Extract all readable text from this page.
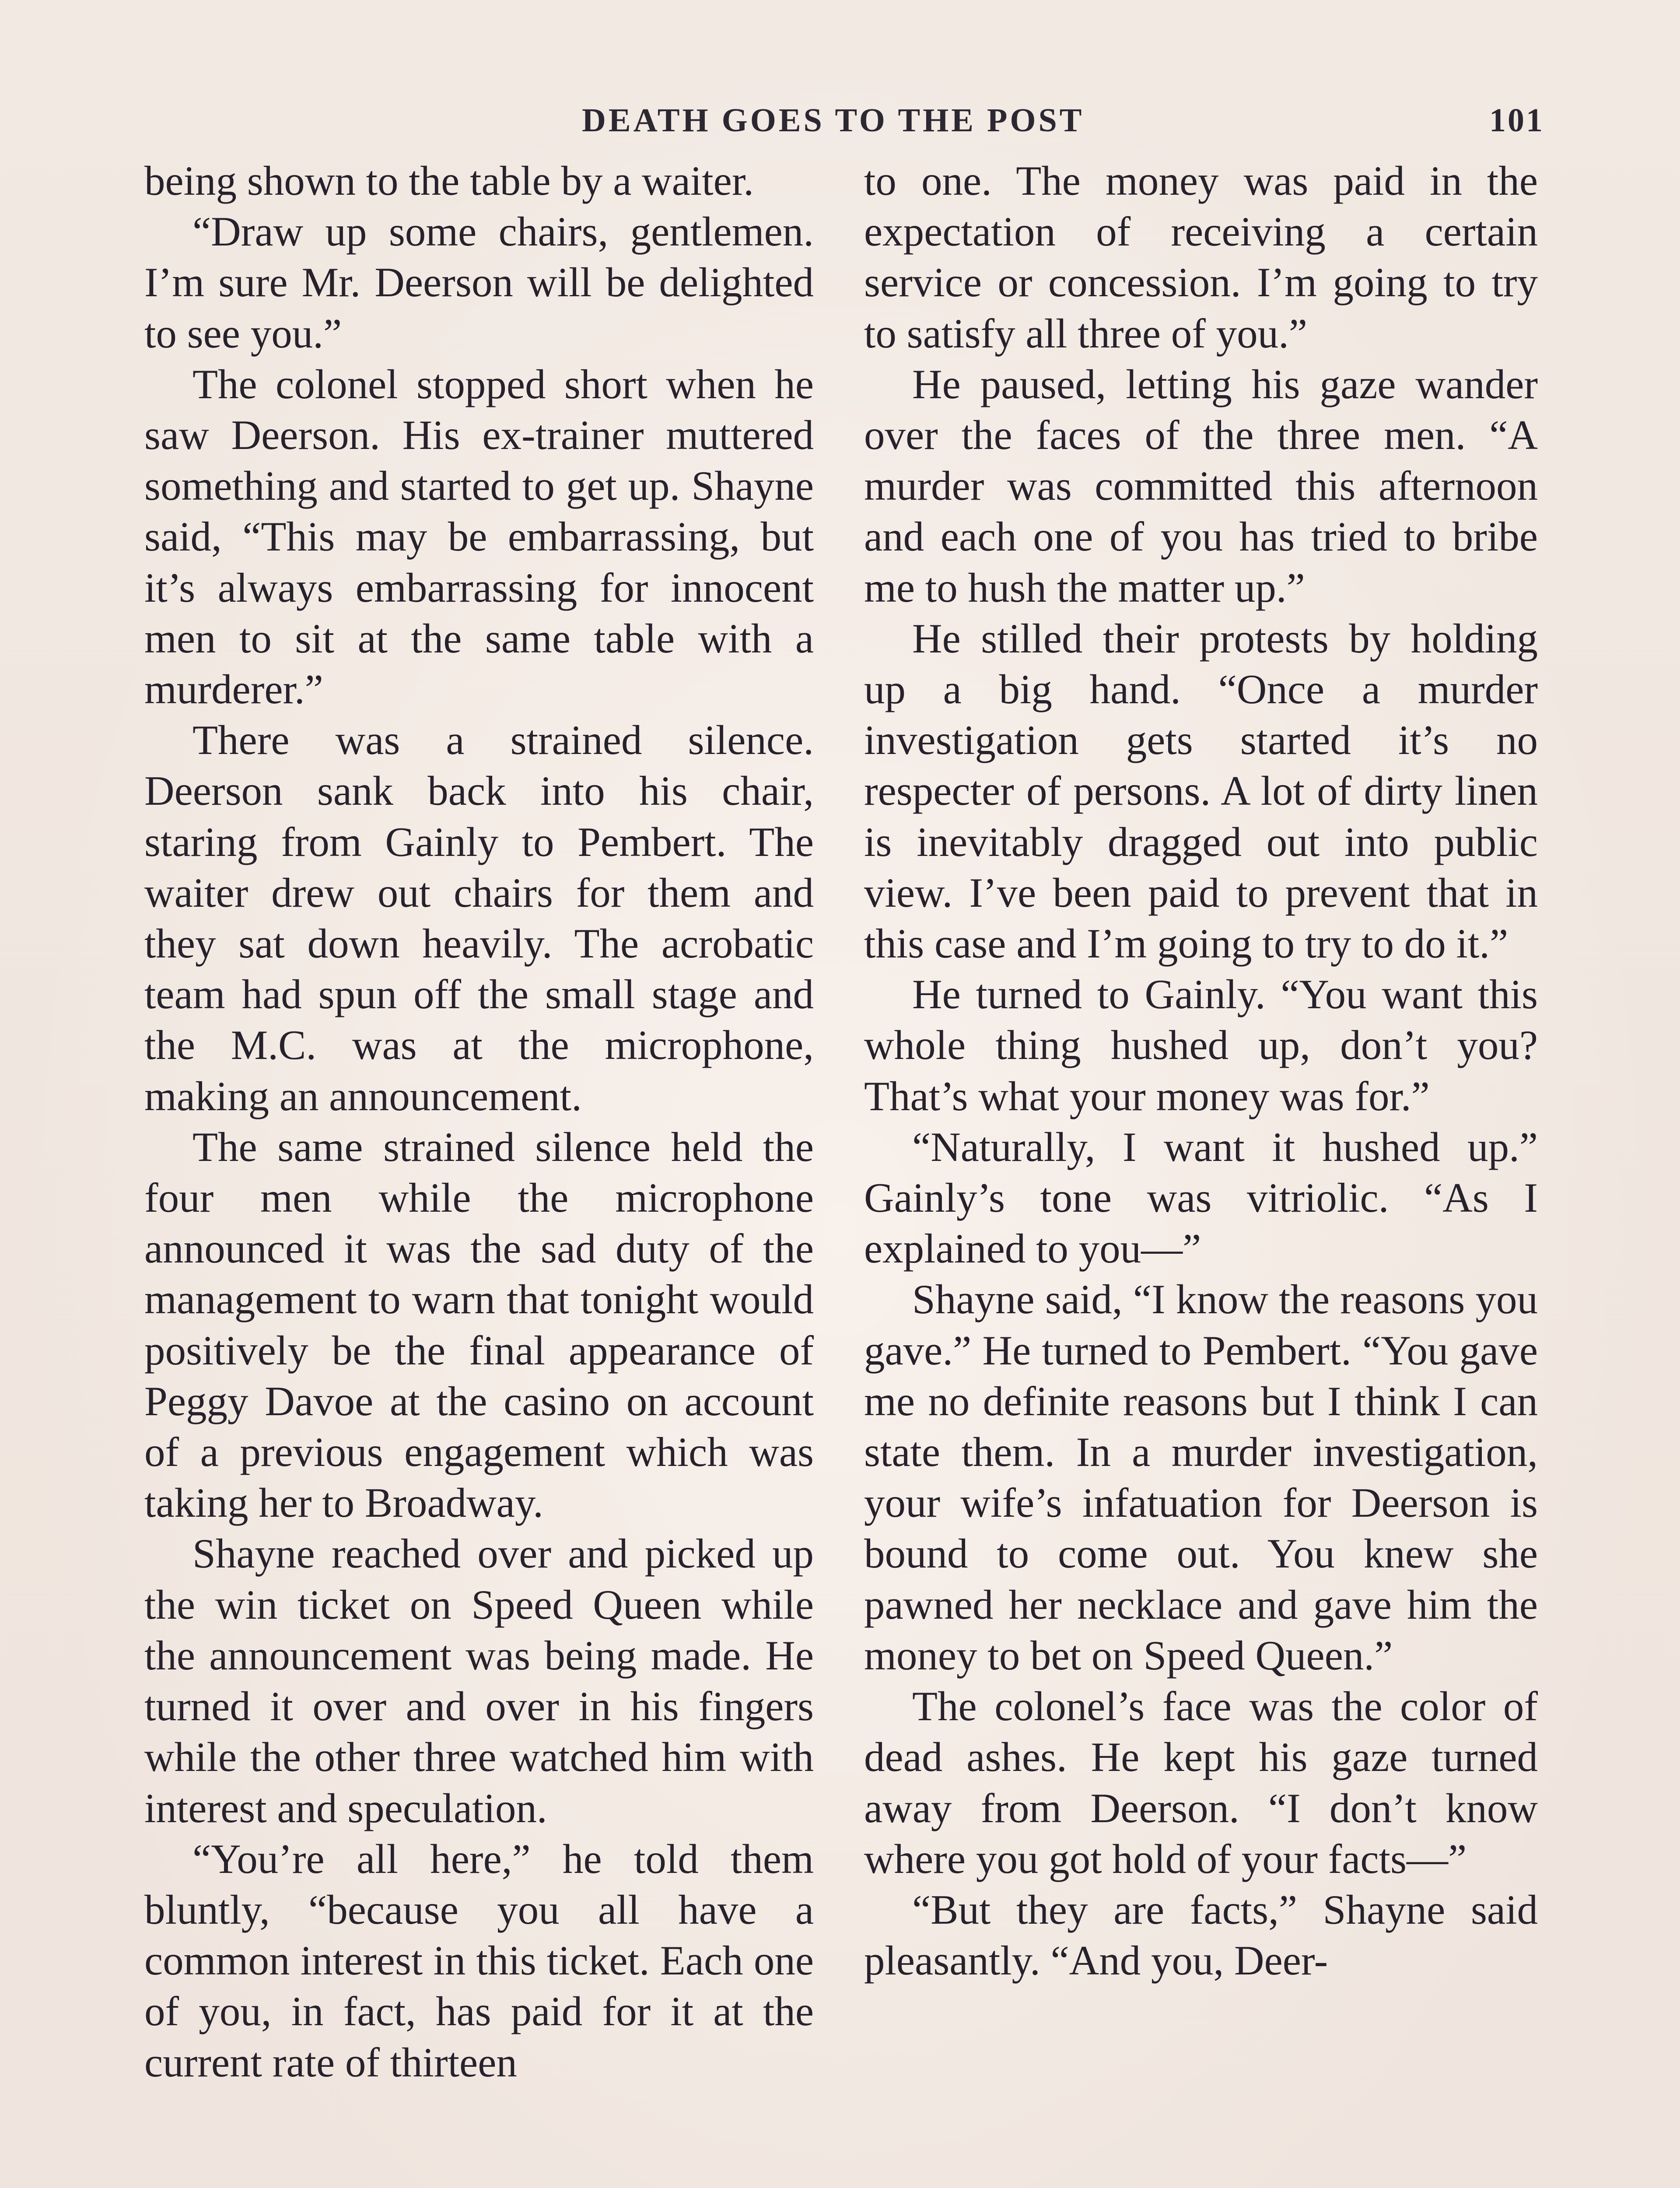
DEATH GOES TO THE POST	101

being shown to the table by a waiter.

“Draw up some chairs, gentlemen. I’m sure Mr. Deerson will be delighted to see you.”

The colonel stopped short when he saw Deerson. His ex-trainer muttered something and started to get up. Shayne said, “This may be embarrassing, but it’s always embarrassing for innocent men to sit at the same table with a murderer.”

There was a strained silence. Deerson sank back into his chair, staring from Gainly to Pembert. The waiter drew out chairs for them and they sat down heavily. The acrobatic team had spun off the small stage and the M.C. was at the microphone, making an announcement.

The same strained silence held the four men while the microphone announced it was the sad duty of the management to warn that tonight would positively be the final appearance of Peggy Davoe at the casino on account of a previous engagement which was taking her to Broadway.

Shayne reached over and picked up the win ticket on Speed Queen while the announcement was being made. He turned it over and over in his fingers while the other three watched him with interest and speculation.

“You’re all here,” he told them bluntly, “because you all have a common interest in this ticket. Each one of you, in fact, has paid for it at the current rate of thirteen

to one. The money was paid in the expectation of receiving a certain service or concession. I’m going to try to satisfy all three of you.”

He paused, letting his gaze wander over the faces of the three men. “A murder was committed this afternoon and each one of you has tried to bribe me to hush the matter up.”

He stilled their protests by holding up a big hand. “Once a murder investigation gets started it’s no respecter of persons. A lot of dirty linen is inevitably dragged out into public view. I’ve been paid to prevent that in this case and I’m going to try to do it.”

He turned to Gainly. “You want this whole thing hushed up, don’t you? That’s what your money was for.”

“Naturally, I want it hushed up.” Gainly’s tone was vitriolic. “As I explained to you—”

Shayne said, “I know the reasons you gave.” He turned to Pembert. “You gave me no definite reasons but I think I can state them. In a murder investigation, your wife’s infatuation for Deerson is bound to come out. You knew she pawned her necklace and gave him the money to bet on Speed Queen.”

The colonel’s face was the color of dead ashes. He kept his gaze turned away from Deerson. “I don’t know where you got hold of your facts—”

“But they are facts,” Shayne said pleasantly. “And you, Deer-
